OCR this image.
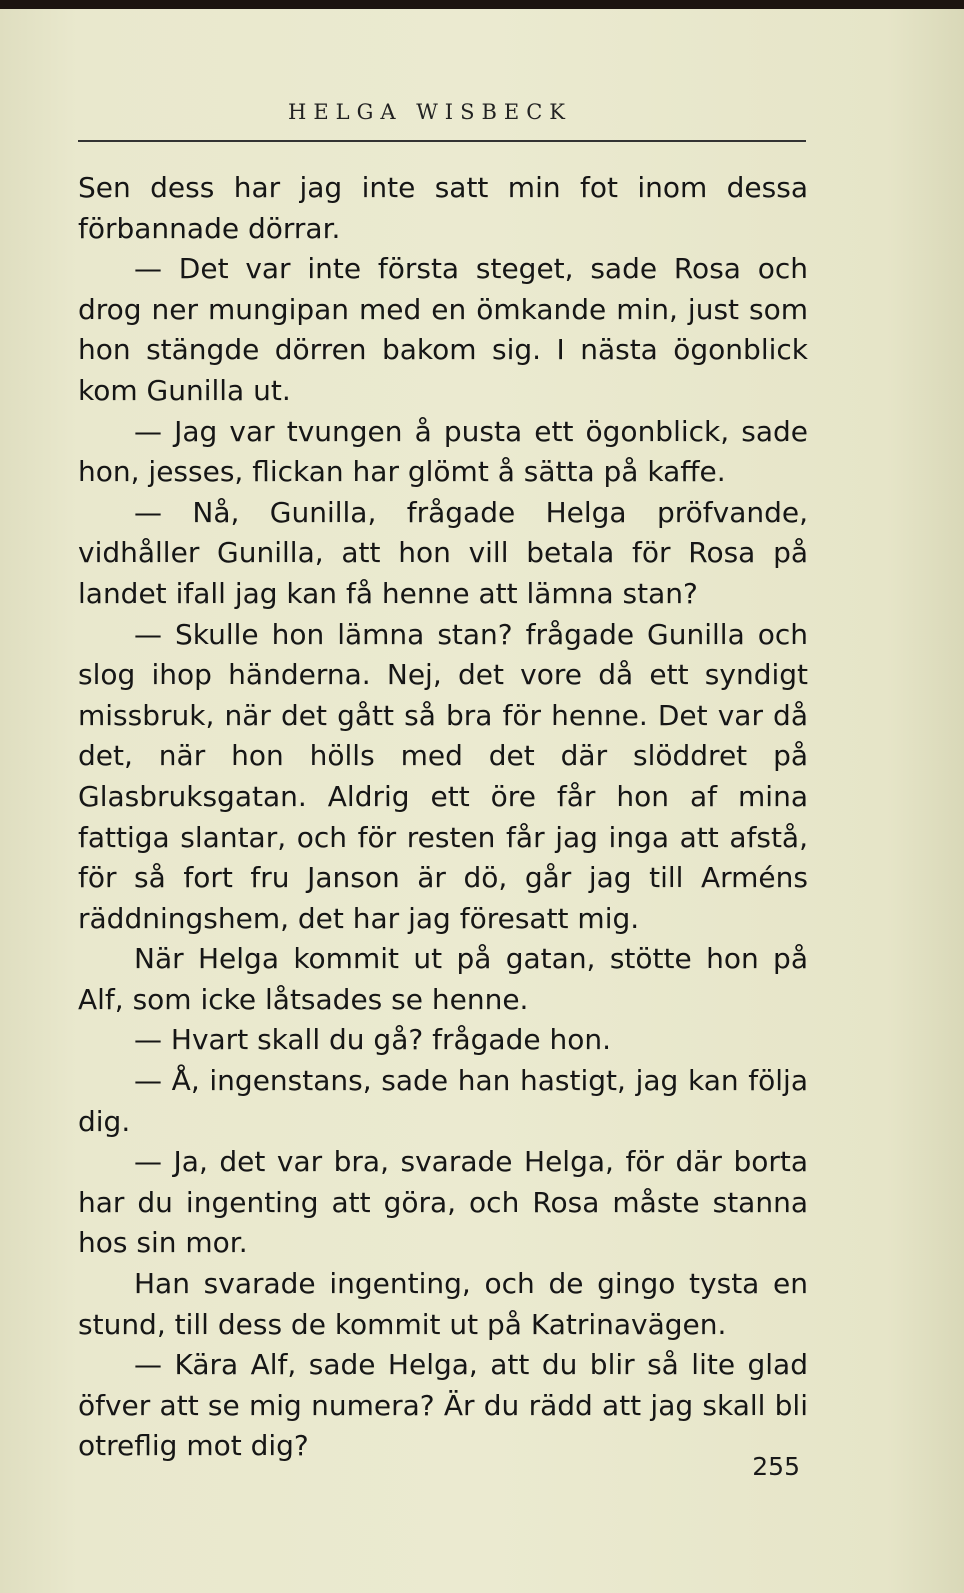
HELGA WISBECK

Sen dess har jag inte satt min fot inom dessa förbannade dörrar.

— Det var inte första steget, sade Rosa och drog ner mungipan med en ömkande min, just som hon stängde dörren bakom sig. I nästa ögonblick kom Gunilla ut.

— Jag var tvungen å pusta ett ögonblick, sade hon, jesses, flickan har glömt å sätta på kaffe.

— Nå, Gunilla, frågade Helga pröfvande, vidhåller Gunilla, att hon vill betala för Rosa på landet ifall jag kan få henne att lämna stan?

— Skulle hon lämna stan? frågade Gunilla och slog ihop händerna. Nej, det vore då ett syndigt missbruk, när det gått så bra för henne. Det var då det, när hon hölls med det där slöddret på Glasbruksgatan. Aldrig ett öre får hon af mina fattiga slantar, och för resten får jag inga att afstå, för så fort fru Janson är dö, går jag till Arméns räddningshem, det har jag föresatt mig.

När Helga kommit ut på gatan, stötte hon på Alf, som icke låtsades se henne.

— Hvart skall du gå? frågade hon.

— Å, ingenstans, sade han hastigt, jag kan följa dig.

— Ja, det var bra, svarade Helga, för där borta har du ingenting att göra, och Rosa måste stanna hos sin mor.

Han svarade ingenting, och de gingo tysta en stund, till dess de kommit ut på Katrinavägen.

— Kära Alf, sade Helga, att du blir så lite glad öfver att se mig numera? Är du rädd att jag skall bli otreflig mot dig?

255
